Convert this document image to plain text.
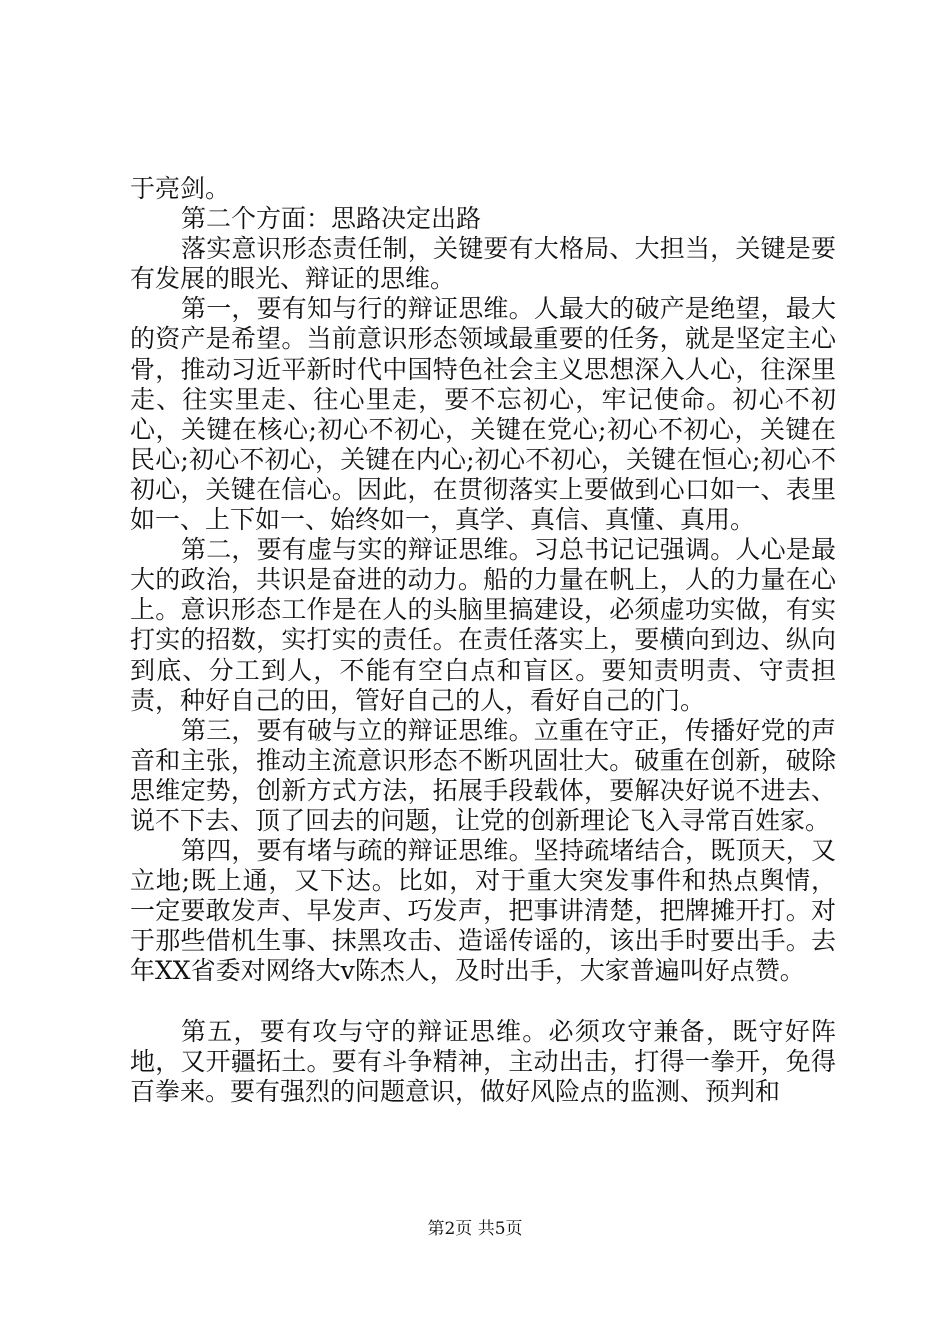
于亮剑。

第二个方面：思路决定出路

落实意识形态责任制，关键要有大格局、大担当，关键是要有发展的眼光、辩证的思维。

第一，要有知与行的辩证思维。人最大的破产是绝望，最大的资产是希望。当前意识形态领域最重要的任务，就是坚定主心骨，推动习近平新时代中国特色社会主义思想深入人心，往深里走、往实里走、往心里走，要不忘初心，牢记使命。初心不初心，关键在核心;初心不初心，关键在党心;初心不初心，关键在民心;初心不初心，关键在内心;初心不初心，关键在恒心;初心不初心，关键在信心。因此，在贯彻落实上要做到心口如一、表里如一、上下如一、始终如一，真学、真信、真懂、真用。

第二，要有虚与实的辩证思维。习总书记记强调。人心是最大的政治，共识是奋进的动力。船的力量在帆上，人的力量在心上。意识形态工作是在人的头脑里搞建设，必须虚功实做，有实打实的招数，实打实的责任。在责任落实上，要横向到边、纵向到底、分工到人，不能有空白点和盲区。要知责明责、守责担责，种好自己的田，管好自己的人，看好自己的门。

第三，要有破与立的辩证思维。立重在守正，传播好党的声音和主张，推动主流意识形态不断巩固壮大。破重在创新，破除思维定势，创新方式方法，拓展手段载体，要解决好说不进去、说不下去、顶了回去的问题，让党的创新理论飞入寻常百姓家。

第四，要有堵与疏的辩证思维。坚持疏堵结合，既顶天，又立地;既上通，又下达。比如，对于重大突发事件和热点舆情，一定要敢发声、早发声、巧发声，把事讲清楚，把牌摊开打。对于那些借机生事、抹黑攻击、造谣传谣的，该出手时要出手。去年XX省委对网络大v陈杰人，及时出手，大家普遍叫好点赞。

第五，要有攻与守的辩证思维。必须攻守兼备，既守好阵地，又开疆拓土。要有斗争精神，主动出击，打得一拳开，免得百拳来。要有强烈的问题意识，做好风险点的监测、预判和

第2页 共5页
